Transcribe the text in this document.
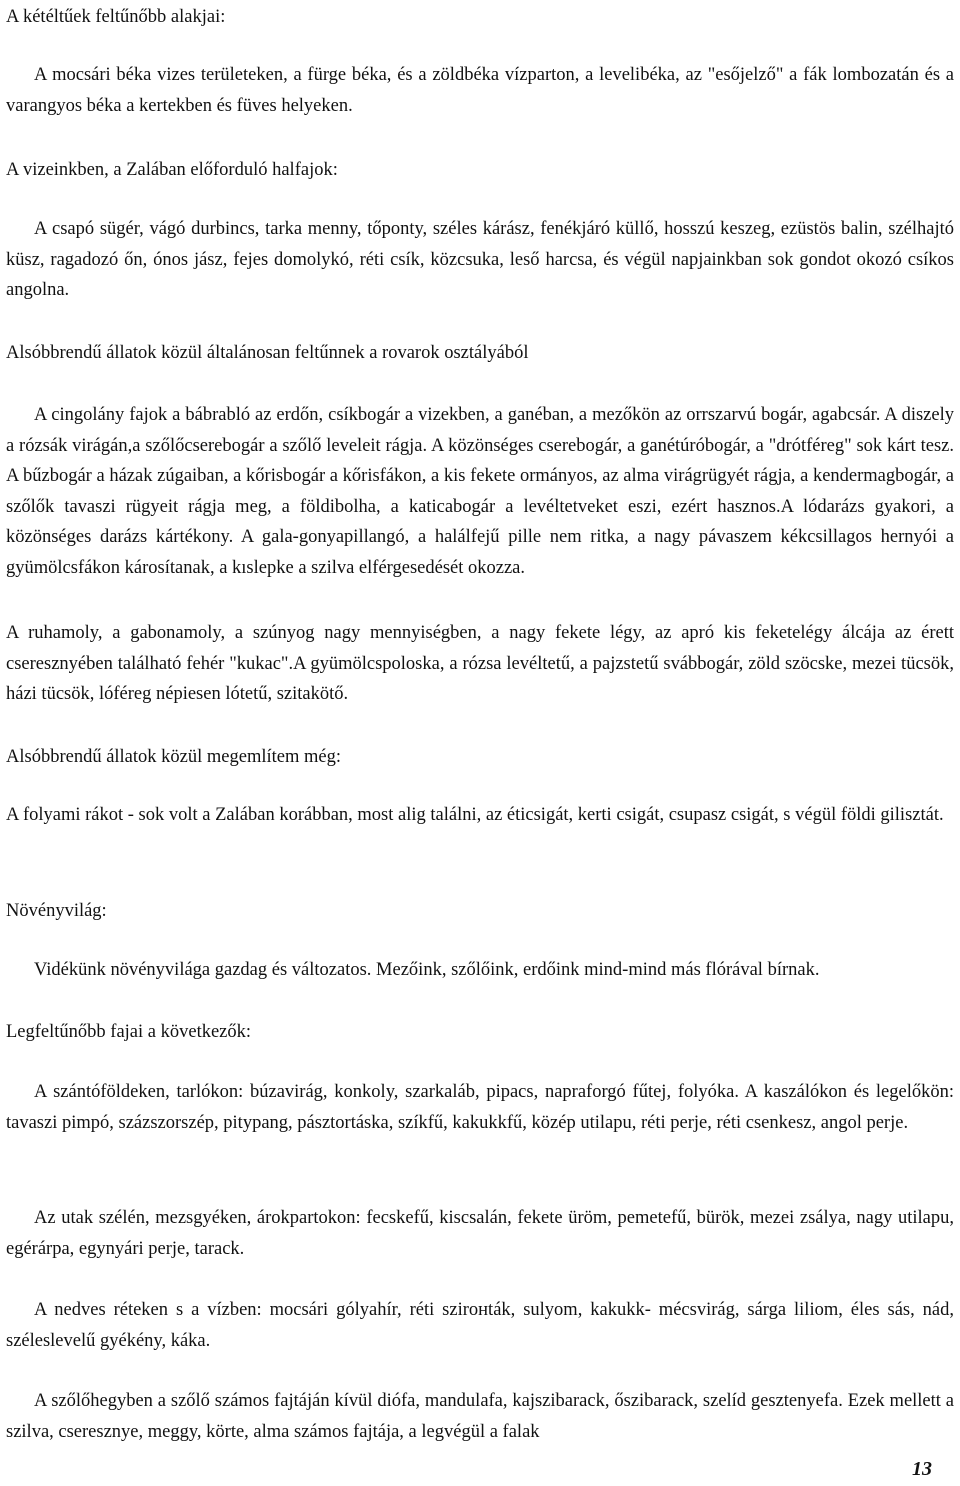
A kétéltűek feltűnőbb alakjai:

A mocsári béka vizes területeken, a fürge béka, és a zöldbéka vízparton, a levelibéka, az "esőjelző" a fák lombozatán és a varangyos béka a kertekben és füves helyeken.

A vizeinkben, a Zalában előforduló halfajok:

A csapó sügér, vágó durbincs, tarka menny, tőponty, széles kárász, fenékjáró küllő, hosszú keszeg, ezüstös balin, szélhajtó küsz, ragadozó őn, ónos jász, fejes domolykó, réti csík, közcsuka, leső harcsa, és végül napjainkban sok gondot okozó csíkos angolna.

Alsóbbrendű állatok közül általánosan feltűnnek a rovarok osztályából

A cingolány fajok a bábrabló az erdőn, csíkbogár a vizekben, a ganéban, a mezőkön az orrszarvú bogár, agabcsár. A diszely a rózsák virágán,a szőlőcserebogár a szőlő leveleit rágja. A közönséges cserebogár, a ganétúróbogár, a "drótféreg" sok kárt tesz. A bűzbogár a házak zúgaiban, a kőrisbogár a kőrisfákon, a kis fekete ormányos, az alma virágrügyét rágja, a kendermagbogár, a szőlők tavaszi rügyeit rágja meg, a földibolha, a katicabogár a levéltetveket eszi, ezért hasznos.A lódarázs gyakori, a közönséges darázs kártékony. A gala-gonyapillangó, a halálfejű pille nem ritka, a nagy pávaszem kékcsillagos hernyói a gyümölcsfákon károsítanak, a kıslepke a szilva elférgesedését okozza.

A ruhamoly, a gabonamoly, a szúnyog nagy mennyiségben, a nagy fekete légy, az apró kis feketelégy álcája az érett cseresznyében található fehér "kukac".A gyümölcspoloska, a rózsa levéltetű, a pajzstetű svábbogár, zöld szöcske, mezei tücsök, házi tücsök, lóféreg népiesen lótetű, szitakötő.

Alsóbbrendű állatok közül megemlítem még:

A folyami rákot - sok volt a Zalában korábban, most alig találni, az éticsigát, kerti csigát, csupasz csigát, s végül földi gilisztát.

Növényvilág:

Vidékünk növényvilága gazdag és változatos. Mezőink, szőlőink, erdőink mind-mind más flórával bírnak.

Legfeltűnőbb fajai a következők:

A szántóföldeken, tarlókon: búzavirág, konkoly, szarkaláb, pipacs, napraforgó fűtej, folyóka. A kaszálókon és legelőkön: tavaszi pimpó, százszorszép, pitypang, pásztortáska, szíkfű, kakukkfű, közép utilapu, réti perje, réti csenkesz, angol perje.

Az utak szélén, mezsgyéken, árokpartokon: fecskefű, kiscsalán, fekete üröm, pemetefű, bürök, mezei zsálya, nagy utilapu, egérárpa, egynyári perje, tarack.

A nedves réteken s a vízben: mocsári gólyahír, réti szirонták, sulyom, kakukk- mécsvirág, sárga liliom, éles sás, nád, széleslevelű gyékény, káka.

A szőlőhegyben a szőlő számos fajtáján kívül diófa, mandulafa, kajszibarack, őszibarack, szelíd gesztenyefa. Ezek mellett a szilva, cseresznye, meggy, körte, alma számos fajtája, a legvégül a falak

13
